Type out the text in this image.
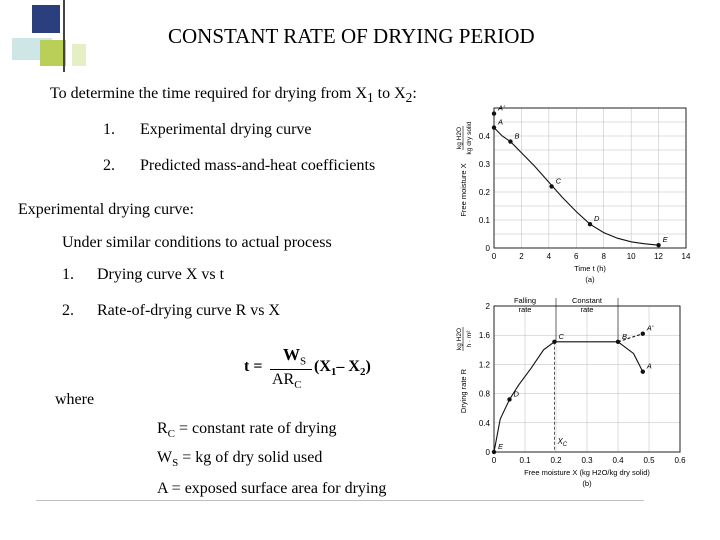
CONSTANT RATE OF DRYING PERIOD
To determine the time required for drying from $X_1$ to $X_2$:
1. Experimental drying curve
2. Predicted mass-and-heat coefficients
Experimental drying curve:
Under similar conditions to actual process
1. Drying curve X vs t
2. Rate-of-drying curve R vs X
t =
$W_S$
$AR_C$
($X_1-$ $X_2$)
where
$R_C$ = constant rate of drying
$W_S$ = kg of dry solid used
A = exposed surface area for drying
0	2	4	6	8	10 12 14
0
0.1
0.2
0.3
0.4
Time t (h)
(a)
Free moisture X
kg H2O kg dry solid
A'
A
B
C
D
E
0	0.1 0.2 0.3 0.4 0.5 0.6
0
0.4
0.8
1.2
1.6
2
Free moisture X (kg H2O/kg dry solid)
(b)
Drying rate R
kg H2O h · m²
E
D
C	B
A'
A
Falling
rate
Constant
rate
$X_C$
